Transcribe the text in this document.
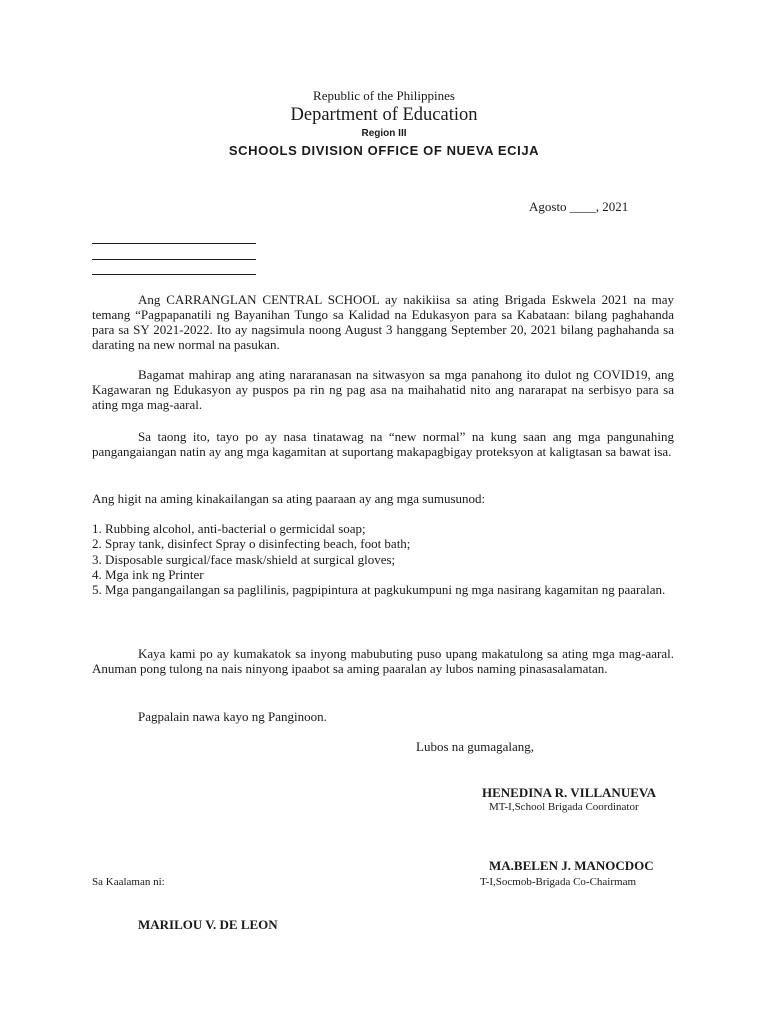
Republic of the Philippines
Department of Education
Region III
SCHOOLS DIVISION OFFICE OF NUEVA ECIJA
Agosto ____, 2021
Ang CARRANGLAN CENTRAL SCHOOL ay nakikiisa sa ating Brigada Eskwela 2021 na may temang “Pagpapanatili ng Bayanihan Tungo sa Kalidad na Edukasyon para sa Kabataan: bilang paghahanda para sa SY 2021-2022. Ito ay nagsimula noong August 3 hanggang September 20, 2021 bilang paghahanda sa darating na new normal na pasukan.
Bagamat mahirap ang ating nararanasan na sitwasyon sa mga panahong ito dulot ng COVID19, ang Kagawaran ng Edukasyon ay puspos pa rin ng pag asa na maihahatid nito ang nararapat na serbisyo para sa ating mga mag-aaral.
Sa taong ito, tayo po ay nasa tinatawag na “new normal” na kung saan ang mga pangunahing pangangaiangan natin ay ang mga kagamitan at suportang makapagbigay proteksyon at kaligtasan sa bawat isa.
Ang higit na aming kinakailangan sa ating paaraan ay ang mga sumusunod:
1. Rubbing alcohol, anti-bacterial o germicidal soap;
2. Spray tank, disinfect Spray o disinfecting beach, foot bath;
3. Disposable surgical/face mask/shield at surgical gloves;
4. Mga ink ng Printer
5. Mga pangangailangan sa paglilinis, pagpipintura at pagkukumpuni ng mga nasirang kagamitan ng paaralan.
Kaya kami po ay kumakatok sa inyong mabubuting puso upang makatulong sa ating mga mag-aaral. Anuman pong tulong na nais ninyong ipaabot sa aming paaralan ay lubos naming pinasasalamatan.
Pagpalain nawa kayo ng Panginoon.
Lubos na gumagalang,
HENEDINA R. VILLANUEVA
MT-I,School Brigada Coordinator
MA.BELEN J. MANOCDOC
T-I,Socmob-Brigada Co-Chairmam
Sa Kaalaman ni:
MARILOU V. DE LEON
